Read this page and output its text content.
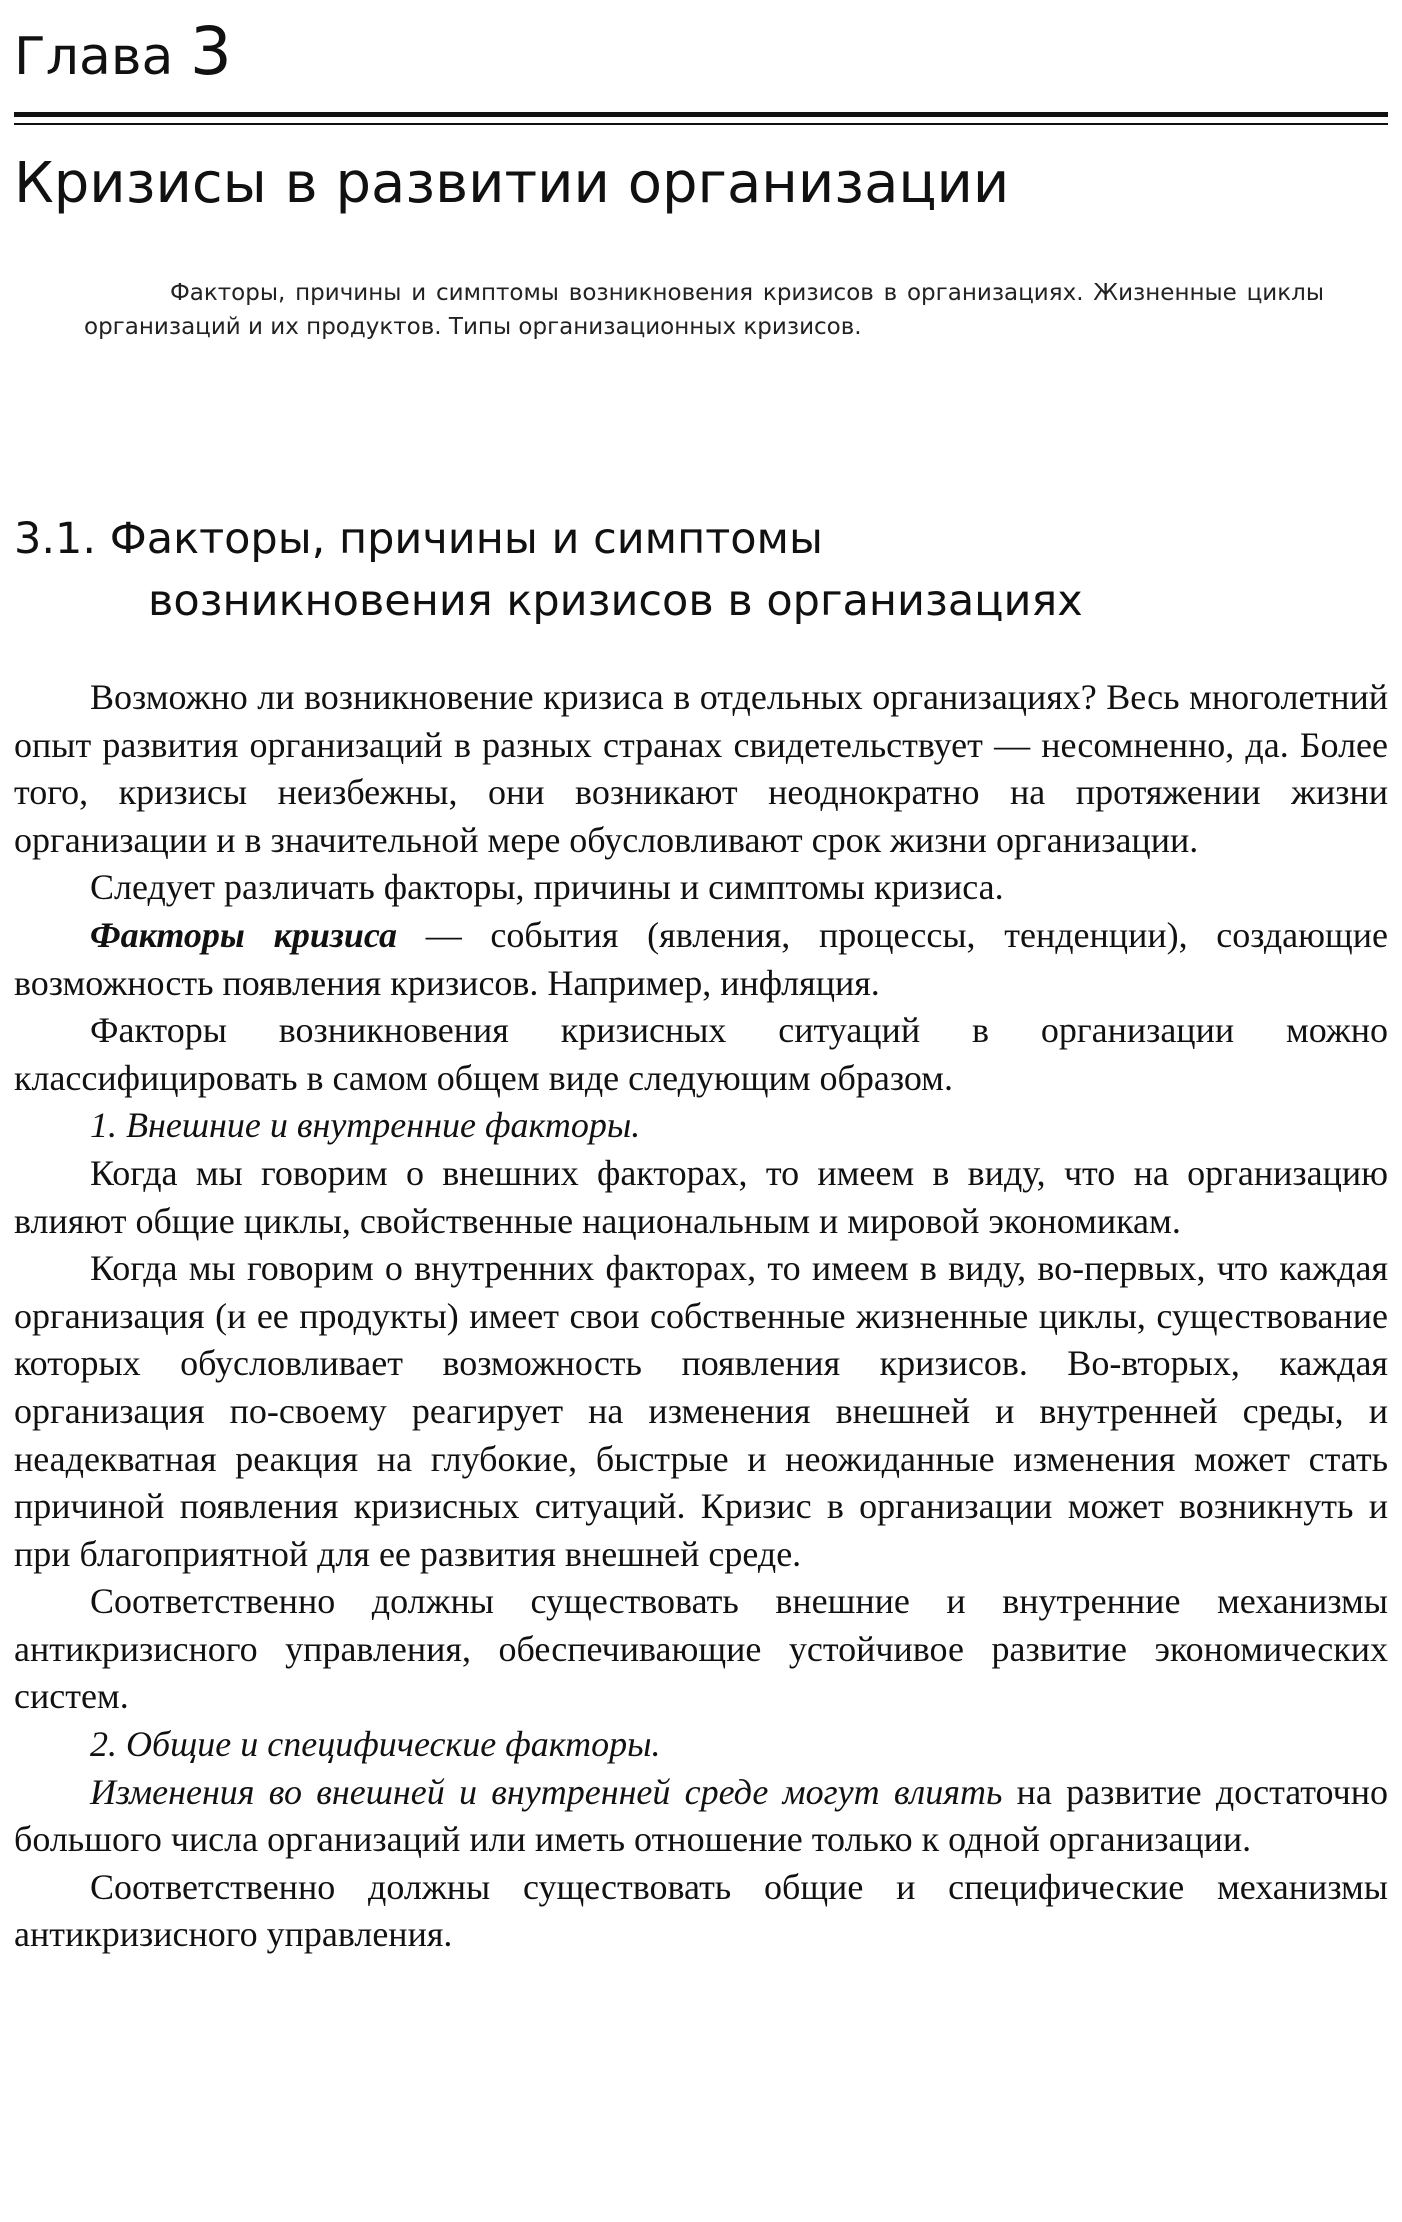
Глава 3
Кризисы в развитии организации
Факторы, причины и симптомы возникновения кризисов в организациях. Жизненные циклы организаций и их продуктов. Типы организационных кризисов.
3.1. Факторы, причины и симптомы
возникновения кризисов в организациях

Возможно ли возникновение кризиса в отдельных организациях? Весь многолетний опыт развития организаций в разных странах свидетельствует — несомненно, да. Более того, кризисы неизбежны, они возникают неоднократно на протяжении жизни организации и в значительной мере обусловливают срок жизни организации.

Следует различать факторы, причины и симптомы кризиса.

Факторы кризиса — события (явления, процессы, тенденции), создающие возможность появления кризисов. Например, инфляция.

Факторы возникновения кризисных ситуаций в организации можно классифицировать в самом общем виде следующим образом.

1. Внешние и внутренние факторы.

Когда мы говорим о внешних факторах, то имеем в виду, что на организацию влияют общие циклы, свойственные национальным и мировой экономикам.

Когда мы говорим о внутренних факторах, то имеем в виду, во-первых, что каждая организация (и ее продукты) имеет свои собственные жизненные циклы, существование которых обусловливает возможность появления кризисов. Во-вторых, каждая организация по-своему реагирует на изменения внешней и внутренней среды, и неадекватная реакция на глубокие, быстрые и неожиданные изменения может стать причиной появления кризисных ситуаций. Кризис в организации может возникнуть и при благоприятной для ее развития внешней среде.

Соответственно должны существовать внешние и внутренние механизмы антикризисного управления, обеспечивающие устойчивое развитие экономических систем.

2. Общие и специфические факторы.

Изменения во внешней и внутренней среде могут влиять на развитие достаточно большого числа организаций или иметь отношение только к одной организации.

Соответственно должны существовать общие и специфические механизмы антикризисного управления.
